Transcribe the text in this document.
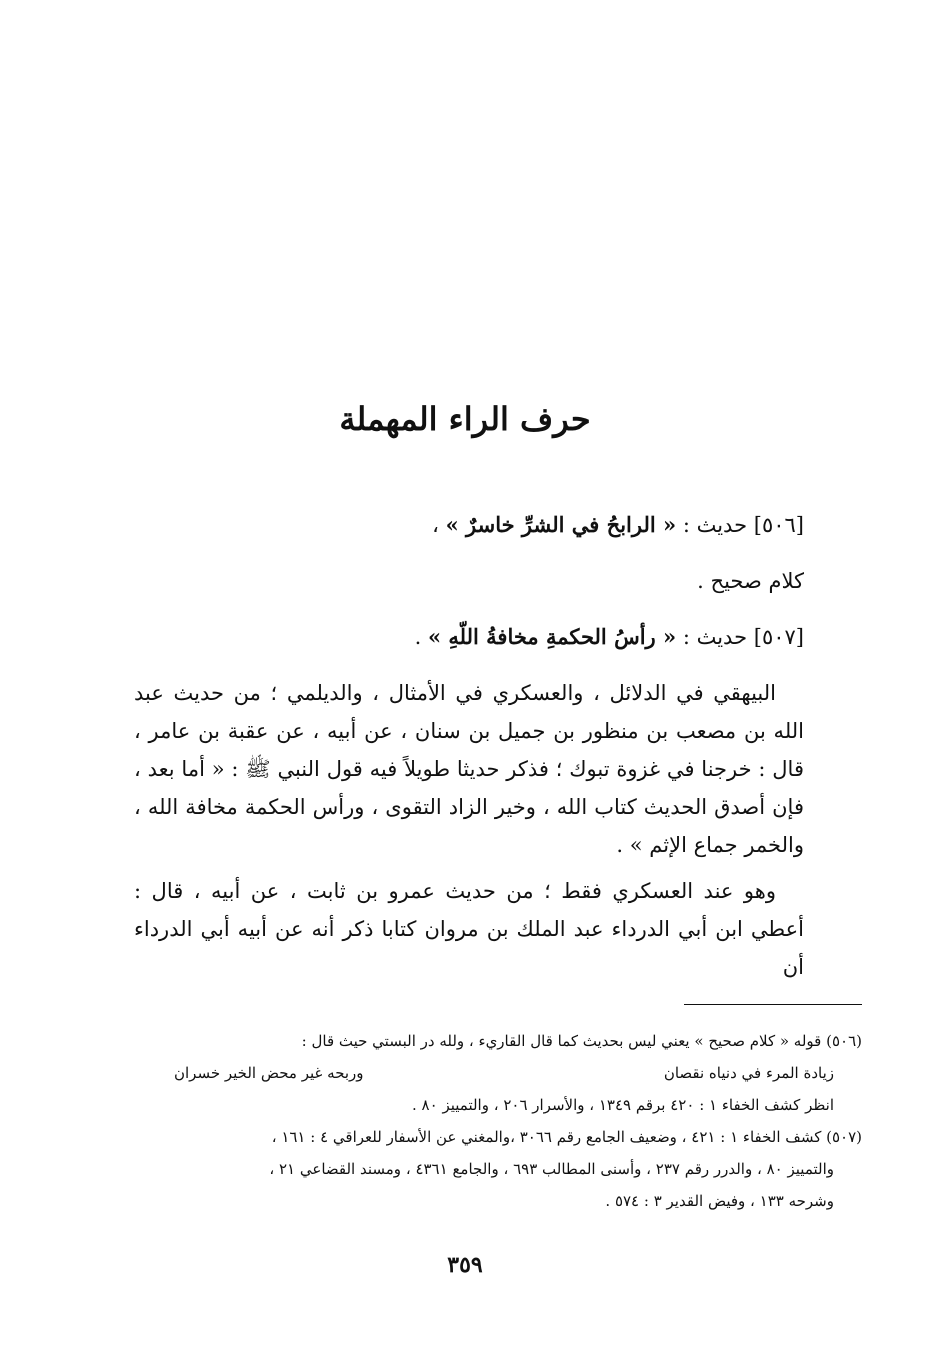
حرف الراء المهملة

[٥٠٦] حديث : « الرابحُ في الشرِّ خاسرٌ » ،

كلام صحيح .

[٥٠٧] حديث : « رأسُ الحكمةِ مخافةُ اللّهِ » .

البيهقي في الدلائل ، والعسكري في الأمثال ، والديلمي ؛ من حديث عبد الله بن مصعب بن منظور بن جميل بن سنان ، عن أبيه ، عن عقبة بن عامر ، قال : خرجنا في غزوة تبوك ؛ فذكر حديثا طويلاً فيه قول النبي ﷺ : « أما بعد ، فإن أصدق الحديث كتاب الله ، وخير الزاد التقوى ، ورأس الحكمة مخافة الله ، والخمر جماع الإثم » .

وهو عند العسكري فقط ؛ من حديث عمرو بن ثابت ، عن أبيه ، قال : أعطي ابن أبي الدرداء عبد الملك بن مروان كتابا ذكر أنه عن أبيه أبي الدرداء أن

(٥٠٦) قوله « كلام صحيح » يعني ليس بحديث كما قال القاريء ، ولله در البستي حيث قال :
زيادة المرء في دنياه نقصان
وربحه غير محض الخير خسران
انظر كشف الخفاء ١ : ٤٢٠ برقم ١٣٤٩ ، والأسرار ٢٠٦ ، والتمييز ٨٠ .
(٥٠٧) كشف الخفاء ١ : ٤٢١ ، وضعيف الجامع رقم ٣٠٦٦ ،والمغني عن الأسفار للعراقي ٤ : ١٦١ ،
والتمييز ٨٠ ، والدرر رقم ٢٣٧ ، وأسنى المطالب ٦٩٣ ، والجامع ٤٣٦١ ، ومسند القضاعي ٢١ ،
وشرحه ١٣٣ ، وفيض القدير ٣ : ٥٧٤ .
٣٥٩
